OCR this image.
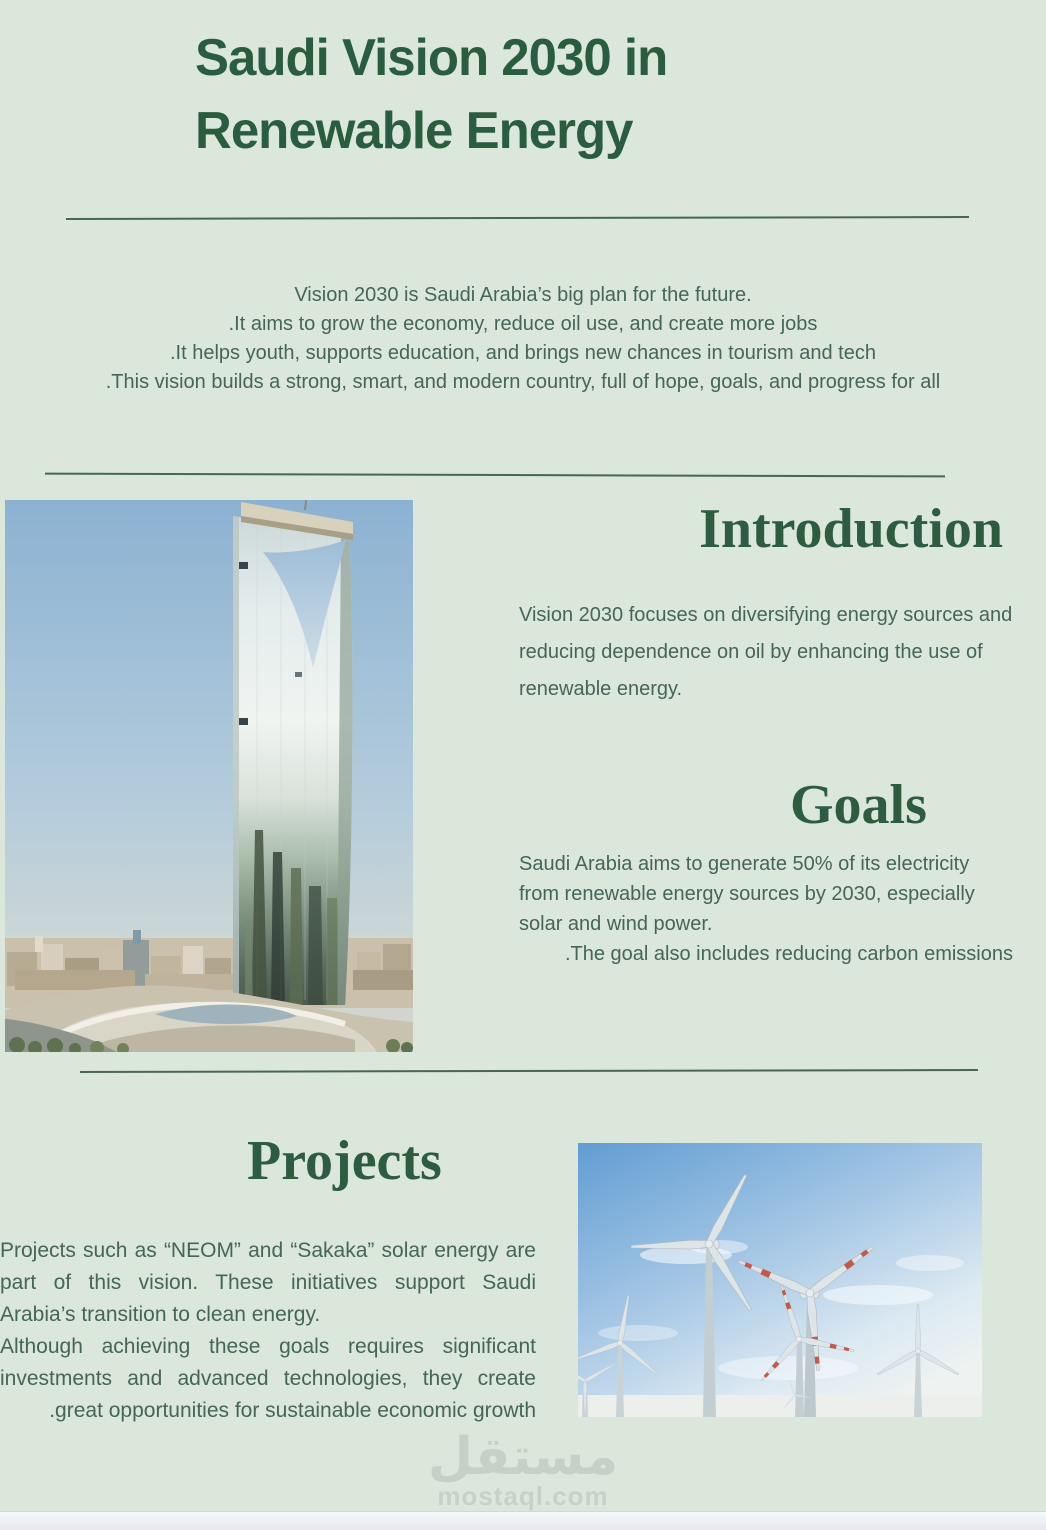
Saudi Vision 2030 in
Renewable Energy
Vision 2030 is Saudi Arabia’s big plan for the future.
.It aims to grow the economy, reduce oil use, and create more jobs
.It helps youth, supports education, and brings new chances in tourism and tech
.This vision builds a strong, smart, and modern country, full of hope, goals, and progress for all
Introduction
Vision 2030 focuses on diversifying energy sources and reducing dependence on oil by enhancing the use of renewable energy.
Goals
Saudi Arabia aims to generate 50% of its electricity
from renewable energy sources by 2030, especially
solar and wind power.
.The goal also includes reducing carbon emissions
Projects
Projects such as “NEOM” and “Sakaka” solar energy are
part of this vision. These initiatives support Saudi
Arabia’s transition to clean energy.
Although achieving these goals requires significant
investments and advanced technologies, they create
.great opportunities for sustainable economic growth
مستقل
mostaql.com
